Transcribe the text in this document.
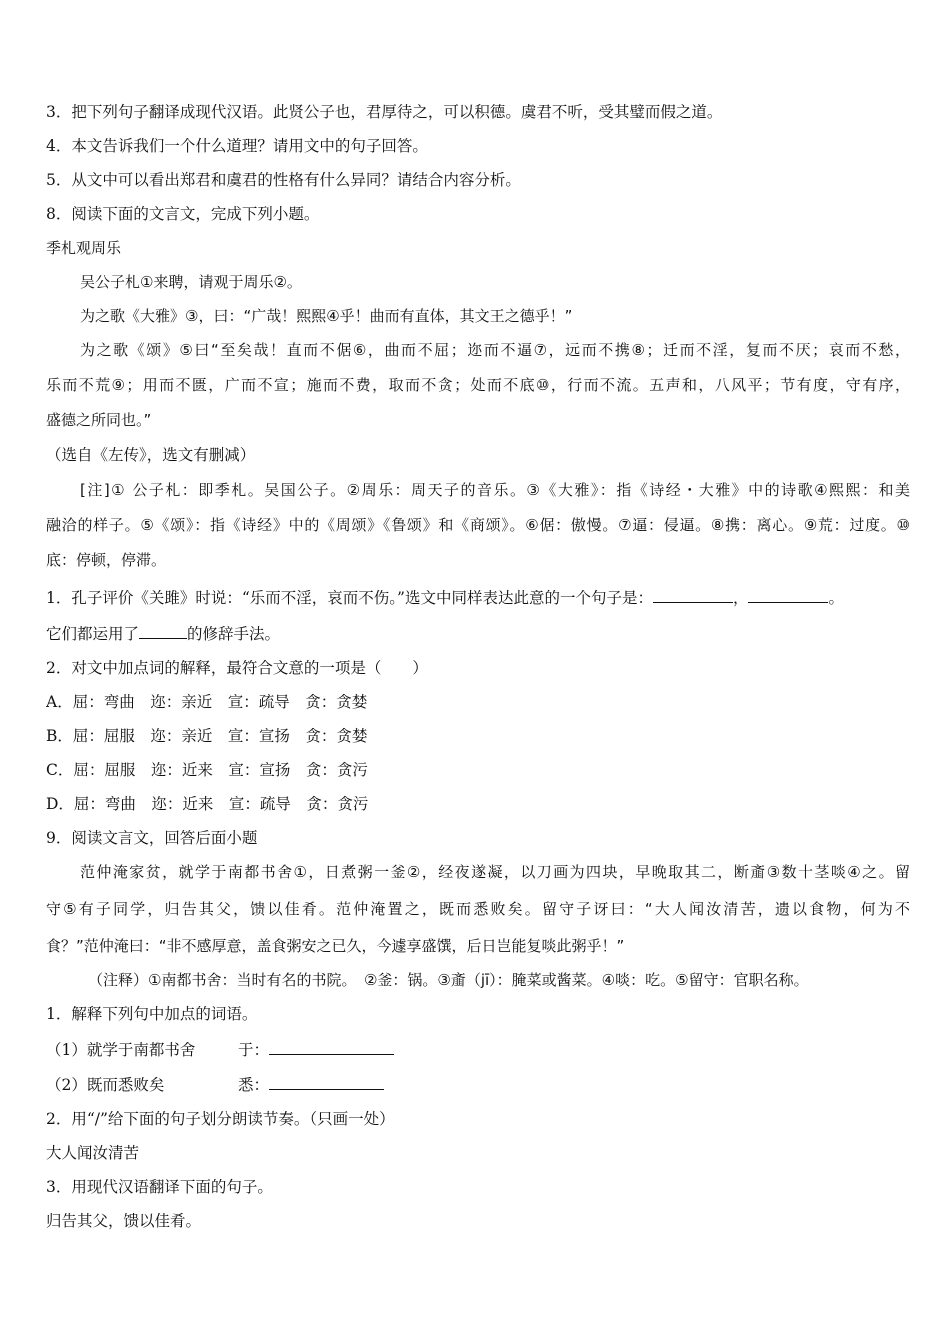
3．把下列句子翻译成现代汉语。此贤公子也，君厚待之，可以积德。虞君不听，受其璧而假之道。
4．本文告诉我们一个什么道理？请用文中的句子回答。
5．从文中可以看出郑君和虞君的性格有什么异同？请结合内容分析。
8．阅读下面的文言文，完成下列小题。
季札观周乐
吴公子札①来聘，请观于周乐②。
为之歌《大雅》③，曰：“广哉！熙熙④乎！曲而有直体，其文王之德乎！”
为之歌《颂》⑤曰“至矣哉！直而不倨⑥，曲而不屈；迩而不逼⑦，远而不携⑧；迁而不淫，复而不厌；哀而不愁，
乐而不荒⑨；用而不匮，广而不宣；施而不费，取而不贪；处而不底⑩，行而不流。五声和，八风平；节有度，守有序，
盛德之所同也。”
（选自《左传》，选文有删减）
[注]① 公子札：即季札。吴国公子。②周乐：周天子的音乐。③《大雅》：指《诗经・大雅》中的诗歌④熙熙：和美
融洽的样子。⑤《颂》：指《诗经》中的《周颂》《鲁颂》和《商颂》。⑥倨：傲慢。⑦逼：侵逼。⑧携：离心。⑨荒：过度。⑩
底：停顿，停滞。
1．孔子评价《关雎》时说：“乐而不淫，哀而不伤。”选文中同样表达此意的一个句子是：	，	。
它们都运用了	的修辞手法。
2．对文中加点词的解释，最符合文意的一项是（　　）
A．屈：弯曲　迩：亲近　宣：疏导　贪：贪婪
B．屈：屈服　迩：亲近　宣：宣扬　贪：贪婪
C．屈：屈服　迩：近来　宣：宣扬　贪：贪污
D．屈：弯曲　迩：近来　宣：疏导　贪：贪污
9．阅读文言文，回答后面小题
范仲淹家贫，就学于南都书舍①，日煮粥一釜②，经夜遂凝，以刀画为四块，早晚取其二，断齑③数十茎啖④之。留
守⑤有子同学，归告其父，馈以佳肴。范仲淹置之，既而悉败矣。留守子讶曰：“大人闻汝清苦，遗以食物，何为不
食？”范仲淹曰：“非不感厚意，盖食粥安之已久，今遽享盛馔，后日岂能复啖此粥乎！”
（注释）①南都书舍：当时有名的书院。　②釜：锅。③齑（jī）：腌菜或酱菜。④啖：吃。⑤留守：官职名称。
1．解释下列句中加点的词语。
（1）就学于南都书舍	于：
（2）既而悉败矣	悉：
2．用“/”给下面的句子划分朗读节奏。（只画一处）
大人闻汝清苦
3．用现代汉语翻译下面的句子。
归告其父，馈以佳肴。
